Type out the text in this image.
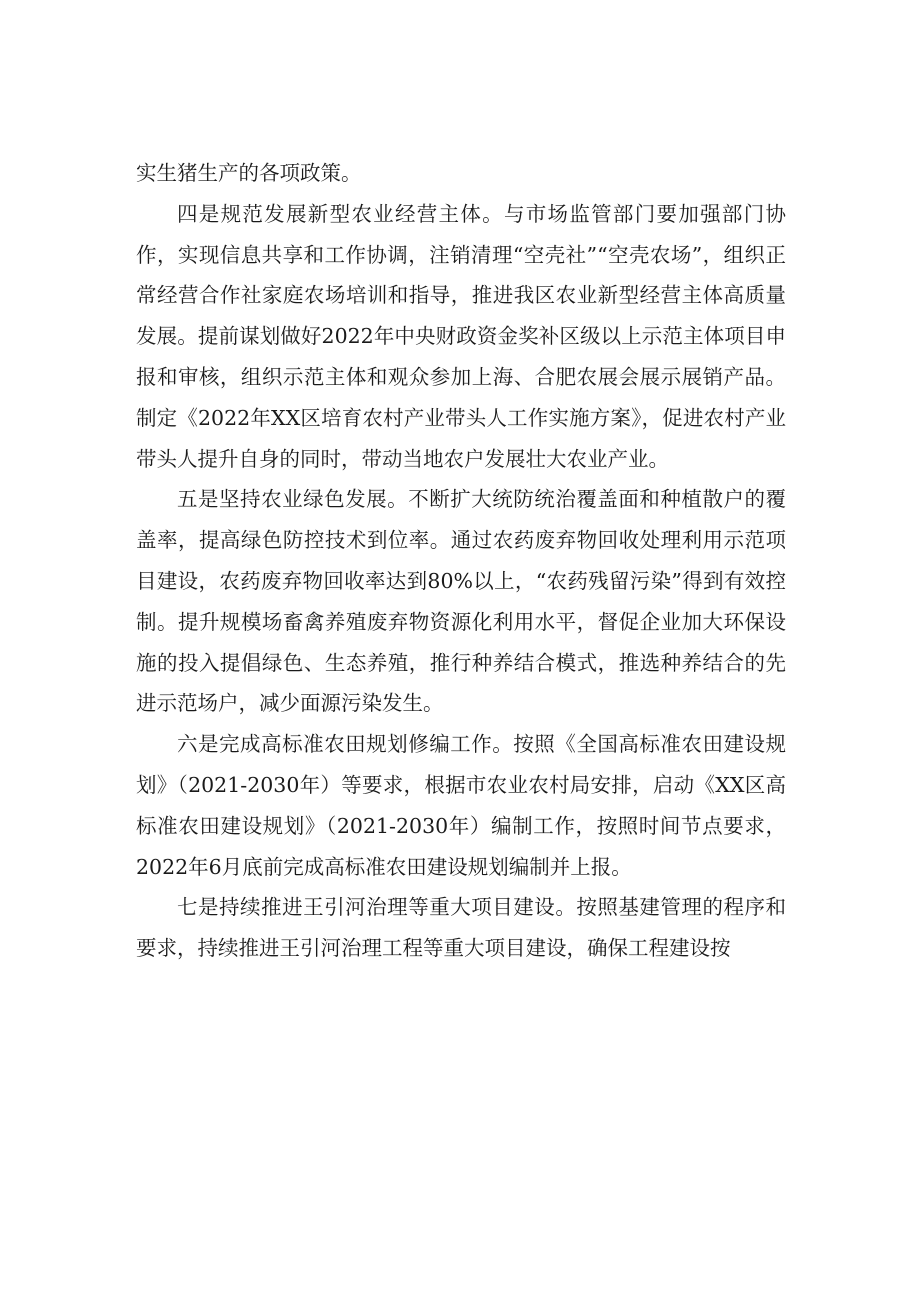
实生猪生产的各项政策。

四是规范发展新型农业经营主体。与市场监管部门要加强部门协作，实现信息共享和工作协调，注销清理“空壳社”“空壳农场”，组织正常经营合作社家庭农场培训和指导，推进我区农业新型经营主体高质量发展。提前谋划做好2022年中央财政资金奖补区级以上示范主体项目申报和审核，组织示范主体和观众参加上海、合肥农展会展示展销产品。制定《2022年XX区培育农村产业带头人工作实施方案》，促进农村产业带头人提升自身的同时，带动当地农户发展壮大农业产业。

五是坚持农业绿色发展。不断扩大统防统治覆盖面和种植散户的覆盖率，提高绿色防控技术到位率。通过农药废弃物回收处理利用示范项目建设，农药废弃物回收率达到80%以上，“农药残留污染”得到有效控制。提升规模场畜禽养殖废弃物资源化利用水平，督促企业加大环保设施的投入提倡绿色、生态养殖，推行种养结合模式，推选种养结合的先进示范场户，减少面源污染发生。

六是完成高标准农田规划修编工作。按照《全国高标准农田建设规划》（2021-2030年）等要求，根据市农业农村局安排，启动《XX区高标准农田建设规划》（2021-2030年）编制工作，按照时间节点要求，2022年6月底前完成高标准农田建设规划编制并上报。

七是持续推进王引河治理等重大项目建设。按照基建管理的程序和要求，持续推进王引河治理工程等重大项目建设，确保工程建设按
